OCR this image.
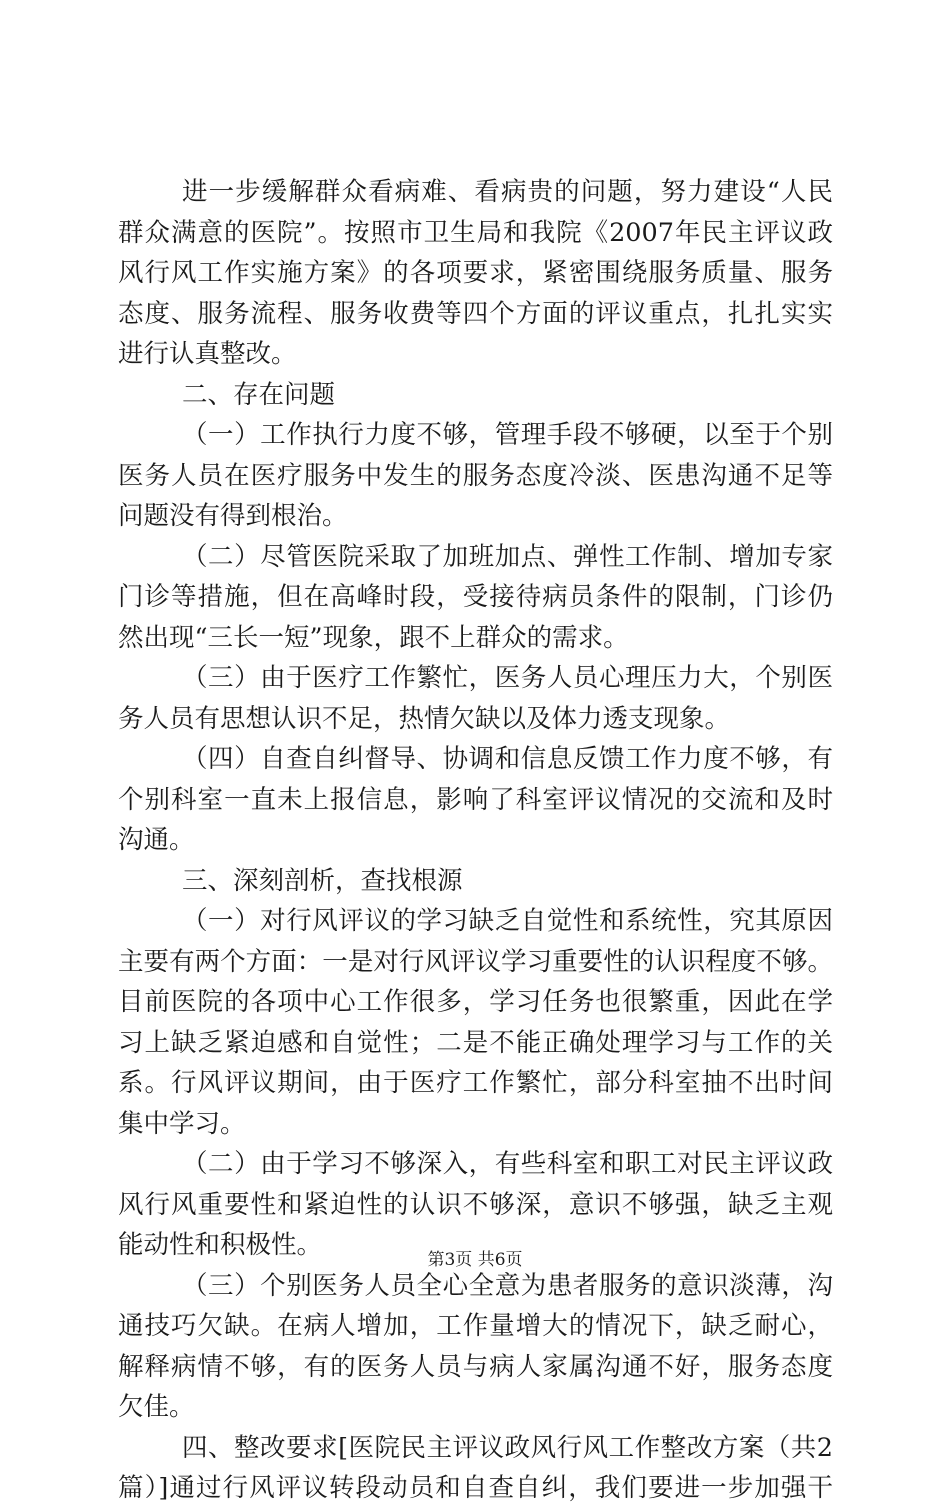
进一步缓解群众看病难、看病贵的问题，努力建设“人民
群众满意的医院”。按照市卫生局和我院《2007年民主评议政
风行风工作实施方案》的各项要求，紧密围绕服务质量、服务
态度、服务流程、服务收费等四个方面的评议重点，扎扎实实
进行认真整改。
二、存在问题
（一）工作执行力度不够，管理手段不够硬，以至于个别
医务人员在医疗服务中发生的服务态度冷淡、医患沟通不足等
问题没有得到根治。
（二）尽管医院采取了加班加点、弹性工作制、增加专家
门诊等措施，但在高峰时段，受接待病员条件的限制，门诊仍
然出现“三长一短”现象，跟不上群众的需求。
（三）由于医疗工作繁忙，医务人员心理压力大，个别医
务人员有思想认识不足，热情欠缺以及体力透支现象。
（四）自查自纠督导、协调和信息反馈工作力度不够，有
个别科室一直未上报信息，影响了科室评议情况的交流和及时
沟通。
三、深刻剖析，查找根源
（一）对行风评议的学习缺乏自觉性和系统性，究其原因
主要有两个方面：一是对行风评议学习重要性的认识程度不够。
目前医院的各项中心工作很多，学习任务也很繁重，因此在学
习上缺乏紧迫感和自觉性；二是不能正确处理学习与工作的关
系。行风评议期间，由于医疗工作繁忙，部分科室抽不出时间
集中学习。
（二）由于学习不够深入，有些科室和职工对民主评议政
风行风重要性和紧迫性的认识不够深，意识不够强，缺乏主观
能动性和积极性。
（三）个别医务人员全心全意为患者服务的意识淡薄，沟
通技巧欠缺。在病人增加，工作量增大的情况下，缺乏耐心，
解释病情不够，有的医务人员与病人家属沟通不好，服务态度
欠佳。
四、整改要求[医院民主评议政风行风工作整改方案（共2
篇）]通过行风评议转段动员和自查自纠，我们要进一步加强干
第3页 共6页
